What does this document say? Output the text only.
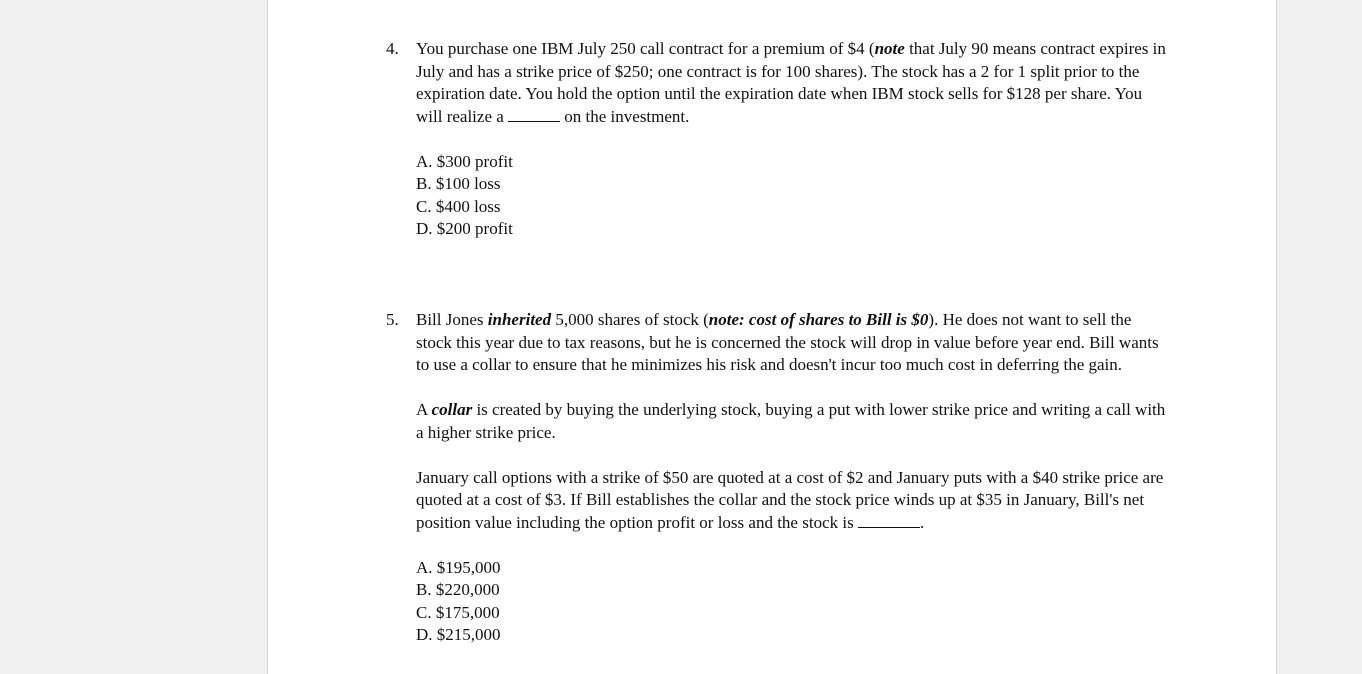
4.	You purchase one IBM July 250 call contract for a premium of $4 (note that July 90 means contract expires in July and has a strike price of $250; one contract is for 100 shares). The stock has a 2 for 1 split prior to the expiration date. You hold the option until the expiration date when IBM stock sells for $128 per share. You will realize a	on the investment.

A. $300 profit
B. $100 loss
C. $400 loss
D. $200 profit
5.	Bill Jones inherited 5,000 shares of stock (note: cost of shares to Bill is $0). He does not want to sell the stock this year due to tax reasons, but he is concerned the stock will drop in value before year end. Bill wants to use a collar to ensure that he minimizes his risk and doesn't incur too much cost in deferring the gain.

A collar is created by buying the underlying stock, buying a put with lower strike price and writing a call with a higher strike price.

January call options with a strike of $50 are quoted at a cost of $2 and January puts with a $40 strike price are quoted at a cost of $3. If Bill establishes the collar and the stock price winds up at $35 in January, Bill's net position value including the option profit or loss and the stock is	.

A. $195,000
B. $220,000
C. $175,000
D. $215,000
